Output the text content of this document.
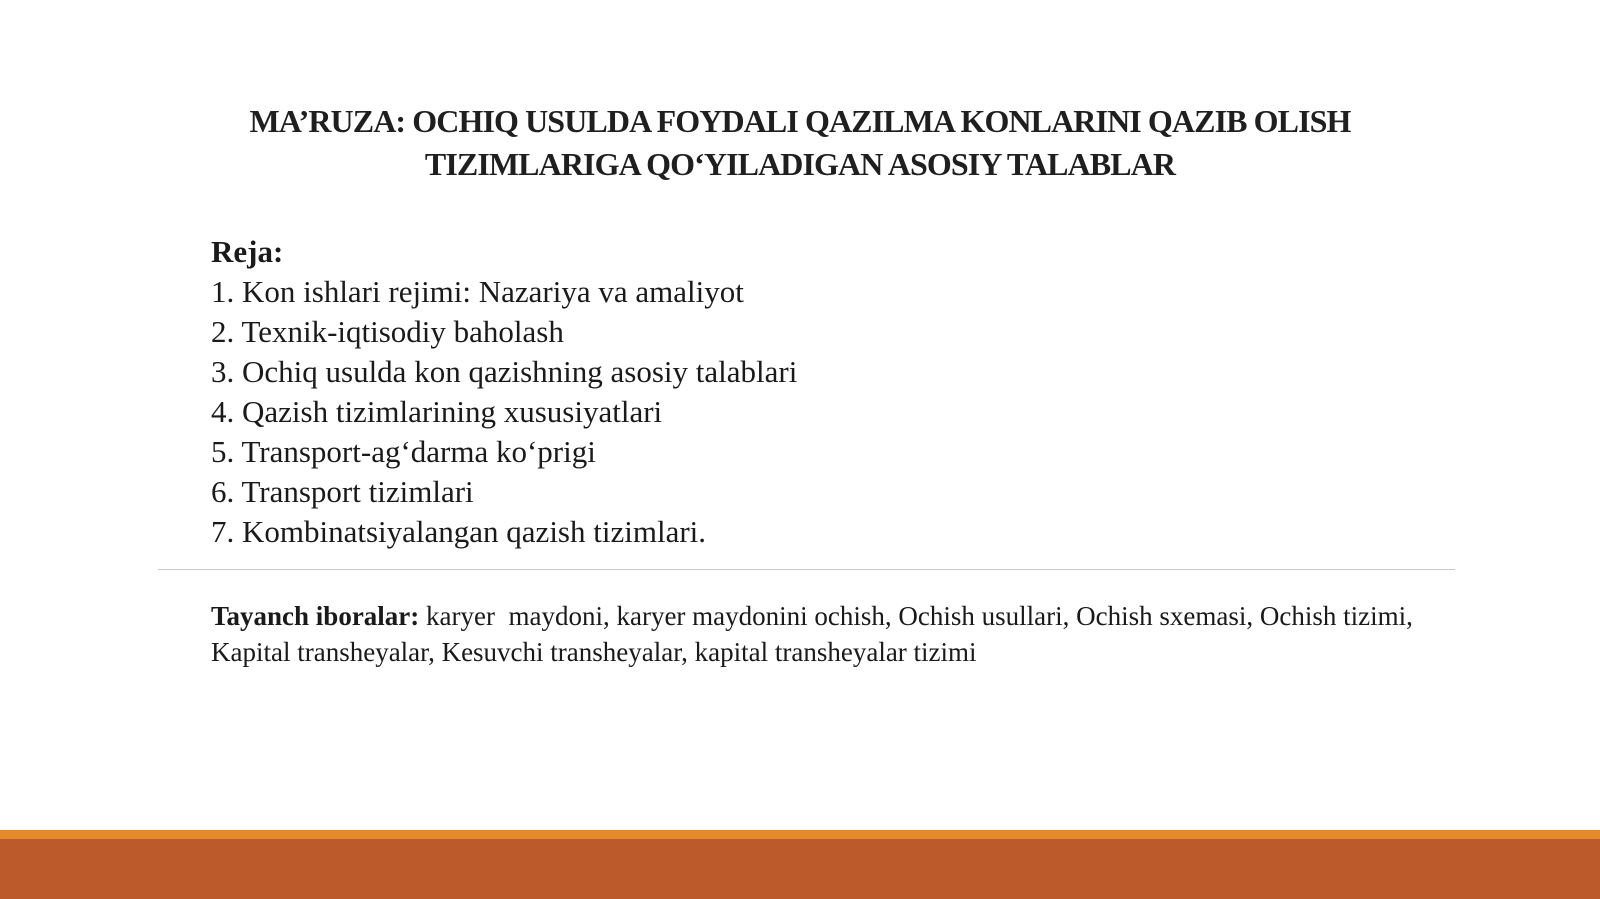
MA’RUZA: OCHIQ USULDA FOYDALI QAZILMA KONLARINI QAZIB OLISH
TIZIMLARIGA QO‘YILADIGAN ASOSIY TALABLAR
Reja:
1. Kon ishlari rejimi: Nazariya va amaliyot
2. Texnik-iqtisodiy baholash
3. Ochiq usulda kon qazishning asosiy talablari
4. Qazish tizimlarining xususiyatlari
5. Transport-ag‘darma ko‘prigi
6. Transport tizimlari
7. Kombinatsiyalangan qazish tizimlari.
Tayanch iboralar: karyer  maydoni, karyer maydonini ochish, Ochish usullari, Ochish sxemasi, Ochish tizimi, Kapital transheyalar, Kesuvchi transheyalar, kapital transheyalar tizimi
